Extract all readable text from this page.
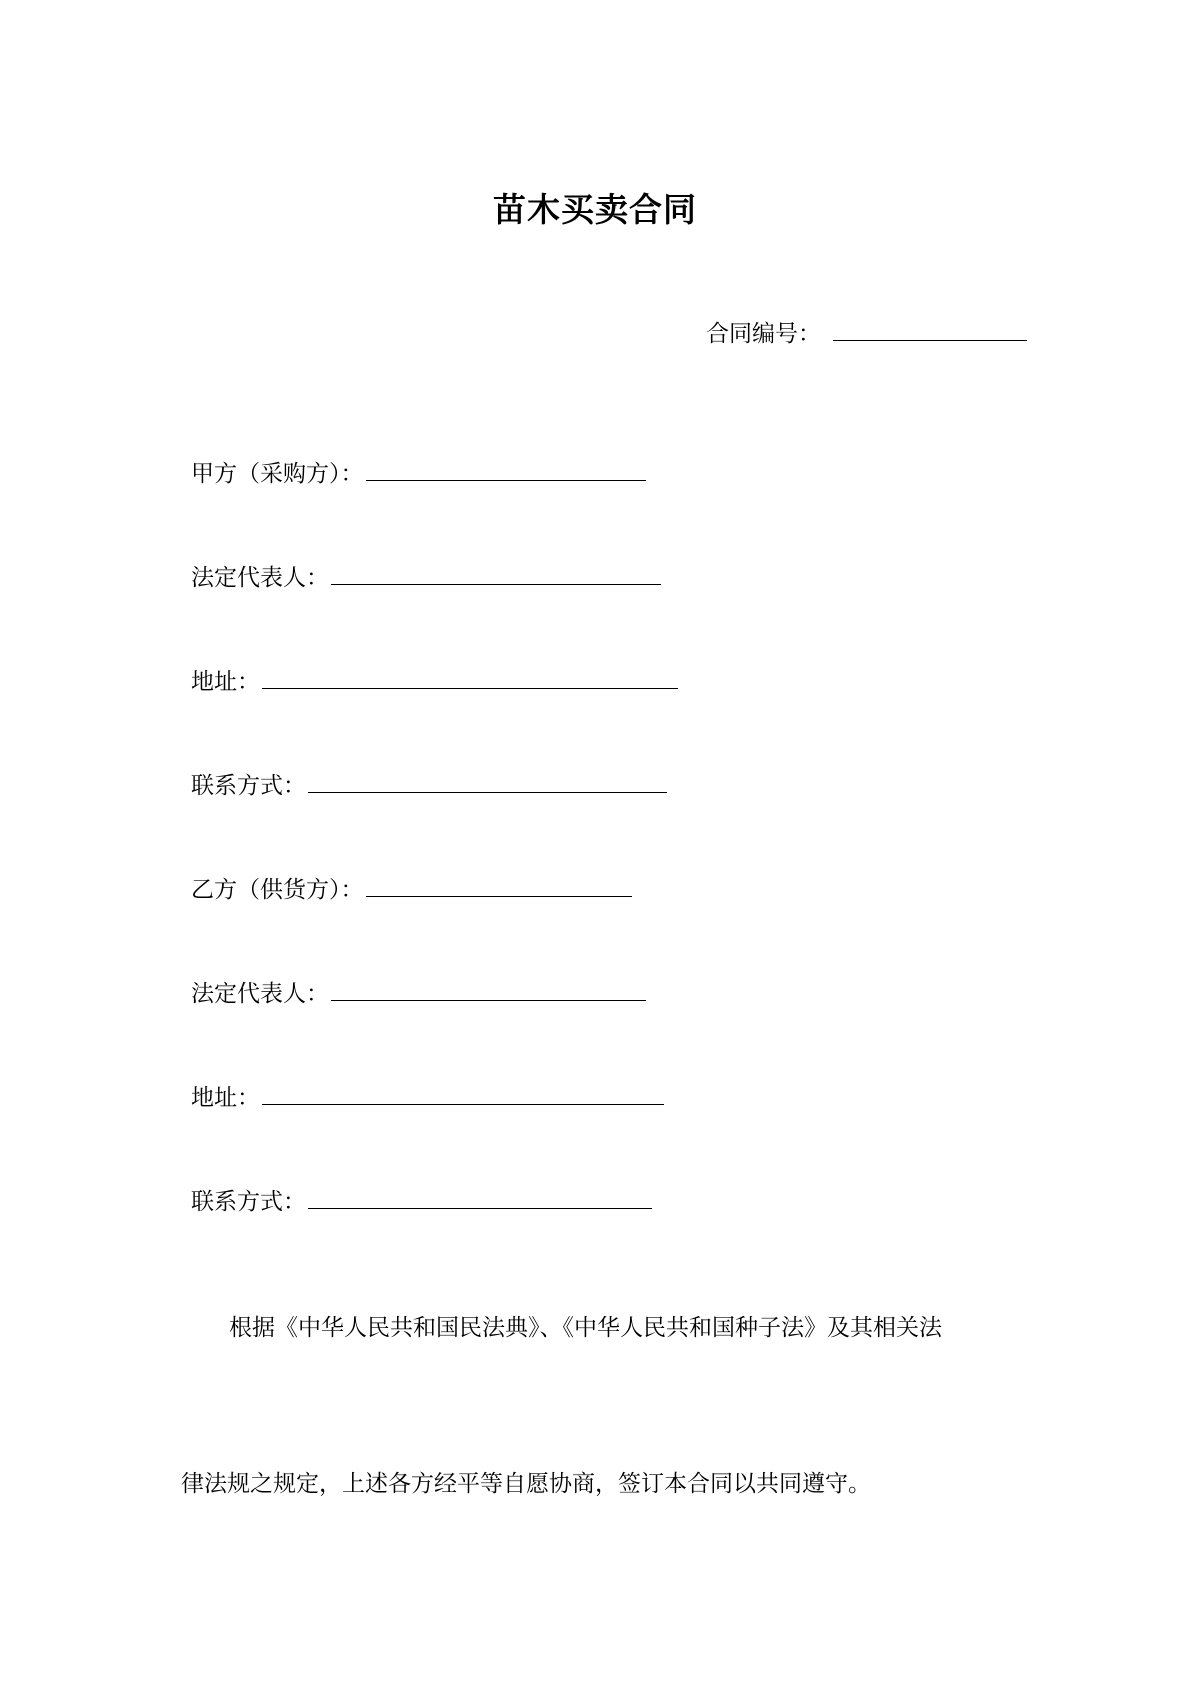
苗木买卖合同
合同编号：
甲方（采购方）：
法定代表人：
地址：
联系方式：
乙方（供货方）：
法定代表人：
地址：
联系方式：
根据《中华人民共和国民法典》、《中华人民共和国种子法》及其相关法
律法规之规定，上述各方经平等自愿协商，签订本合同以共同遵守。
